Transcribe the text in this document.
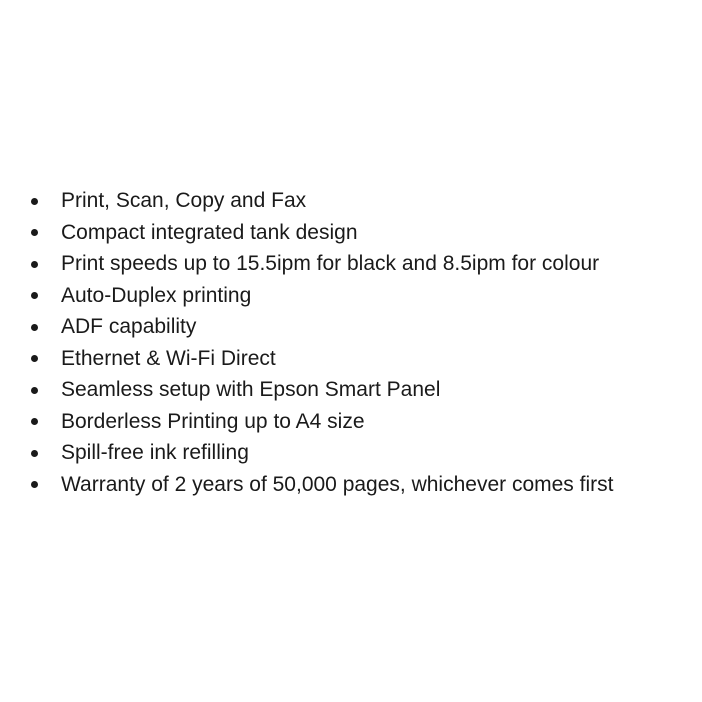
Print, Scan, Copy and Fax
Compact integrated tank design
Print speeds up to 15.5ipm for black and 8.5ipm for colour
Auto-Duplex printing
ADF capability
Ethernet & Wi-Fi Direct
Seamless setup with Epson Smart Panel
Borderless Printing up to A4 size
Spill-free ink refilling
Warranty of 2 years of 50,000 pages, whichever comes first
